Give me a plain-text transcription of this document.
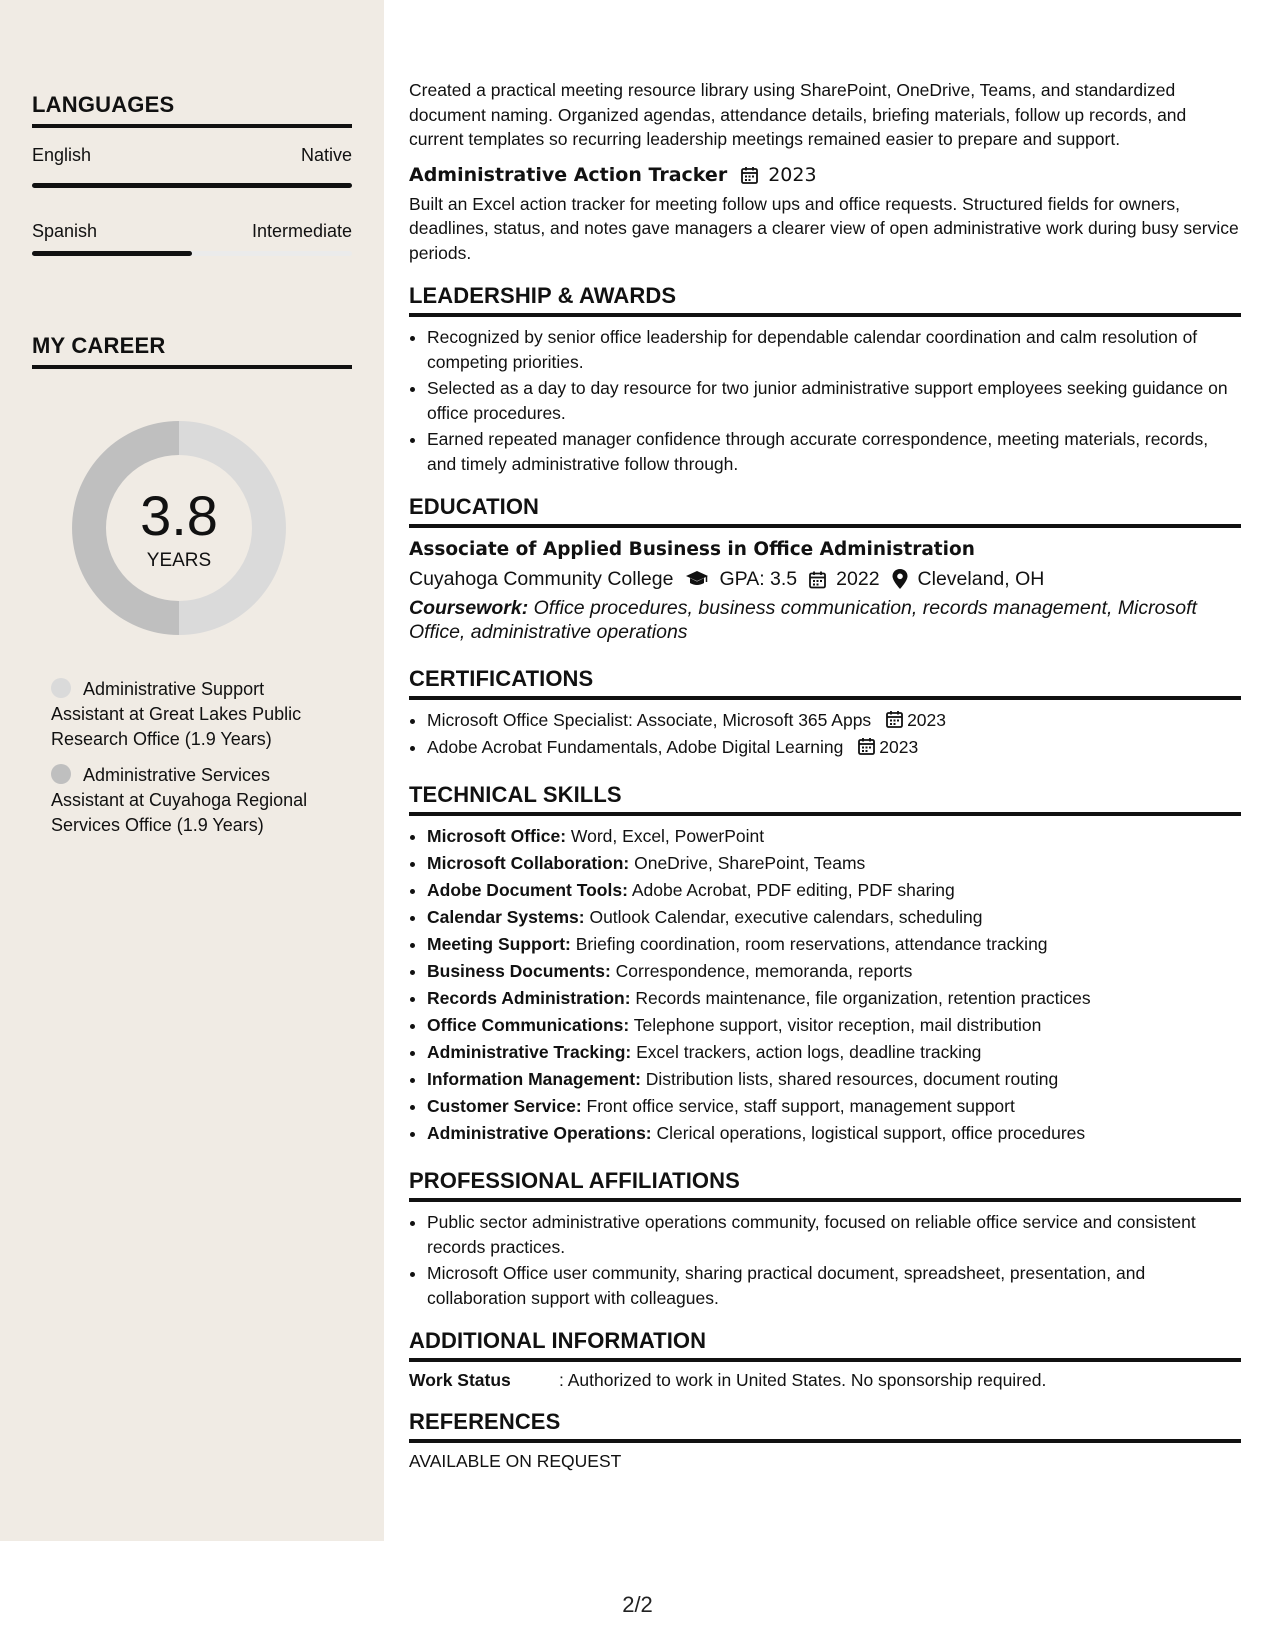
LANGUAGES
English	Native
Spanish	Intermediate
MY CAREER
3.8
YEARS
Administrative Support Assistant at Great Lakes Public Research Office (1.9 Years)
Administrative Services Assistant at Cuyahoga Regional Services Office (1.9 Years)

Created a practical meeting resource library using SharePoint, OneDrive, Teams, and standardized document naming. Organized agendas, attendance details, briefing materials, follow up records, and current templates so recurring leadership meetings remained easier to prepare and support.

Administrative Action Tracker 2023

Built an Excel action tracker for meeting follow ups and office requests. Structured fields for owners, deadlines, status, and notes gave managers a clearer view of open administrative work during busy service periods.

LEADERSHIP & AWARDS
• Recognized by senior office leadership for dependable calendar coordination and calm resolution of competing priorities.
• Selected as a day to day resource for two junior administrative support employees seeking guidance on office procedures.
• Earned repeated manager confidence through accurate correspondence, meeting materials, records, and timely administrative follow through.
EDUCATION
Associate of Applied Business in Office Administration
Cuyahoga Community College GPA: 3.5 2022 Cleveland, OH

Coursework: Office procedures, business communication, records management, Microsoft Office, administrative operations

CERTIFICATIONS
• Microsoft Office Specialist: Associate, Microsoft 365 Apps 2023
• Adobe Acrobat Fundamentals, Adobe Digital Learning 2023
TECHNICAL SKILLS
• Microsoft Office: Word, Excel, PowerPoint
• Microsoft Collaboration: OneDrive, SharePoint, Teams
• Adobe Document Tools: Adobe Acrobat, PDF editing, PDF sharing
• Calendar Systems: Outlook Calendar, executive calendars, scheduling
• Meeting Support: Briefing coordination, room reservations, attendance tracking
• Business Documents: Correspondence, memoranda, reports
• Records Administration: Records maintenance, file organization, retention practices
• Office Communications: Telephone support, visitor reception, mail distribution
• Administrative Tracking: Excel trackers, action logs, deadline tracking
• Information Management: Distribution lists, shared resources, document routing
• Customer Service: Front office service, staff support, management support
• Administrative Operations: Clerical operations, logistical support, office procedures
PROFESSIONAL AFFILIATIONS
• Public sector administrative operations community, focused on reliable office service and consistent records practices.
• Microsoft Office user community, sharing practical document, spreadsheet, presentation, and collaboration support with colleagues.
ADDITIONAL INFORMATION
Work Status	: Authorized to work in United States. No sponsorship required.
REFERENCES
AVAILABLE ON REQUEST
2/2
